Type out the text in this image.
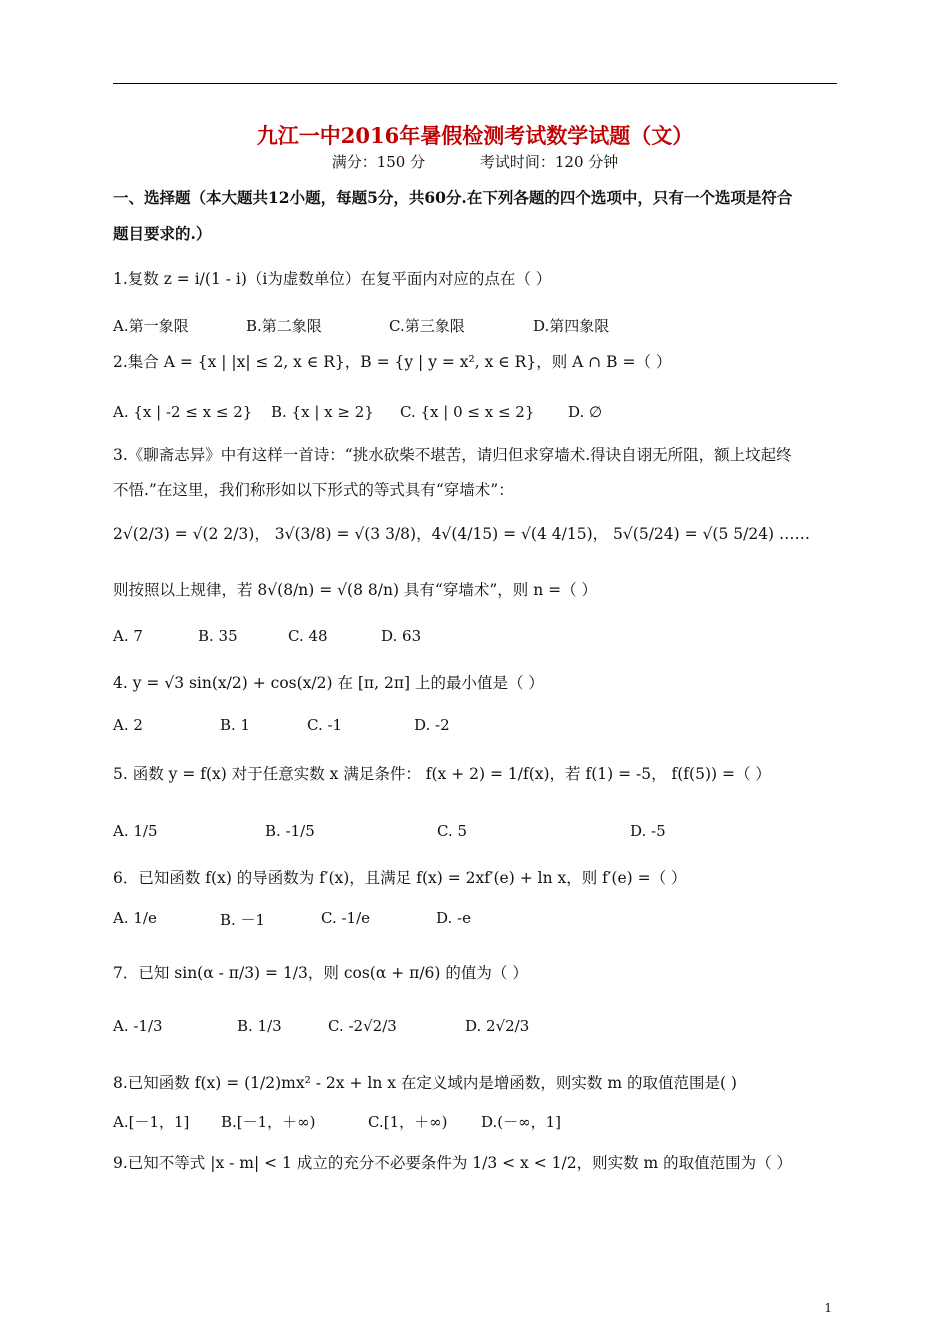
九江一中2016年暑假检测考试数学试题（文）
满分：150 分	考试时间：120 分钟
一、选择题（本大题共12小题，每题5分，共60分.在下列各题的四个选项中，只有一个选项是符合
题目要求的.）
1.复数 z = i/(1 - i)（i为虚数单位）在复平面内对应的点在（ ）
A.第一象限	B.第二象限	C.第三象限	D.第四象限
2.集合 A = {x | |x| ≤ 2, x ∈ R}，B = {y | y = x², x ∈ R}，则 A ∩ B =（ ）
A. {x | -2 ≤ x ≤ 2} B. {x | x ≥ 2} C. {x | 0 ≤ x ≤ 2} D. ∅
3.《聊斋志异》中有这样一首诗：“挑水砍柴不堪苦，请归但求穿墙术.得诀自诩无所阻，额上坟起终
不悟.”在这里，我们称形如以下形式的等式具有“穿墙术”：
2√(2/3) = √(2 2/3)， 3√(3/8) = √(3 3/8)，4√(4/15) = √(4 4/15)， 5√(5/24) = √(5 5/24) ……
则按照以上规律，若 8√(8/n) = √(8 8/n) 具有“穿墙术”，则 n =（ ）
A. 7	B. 35	C. 48	D. 63
4. y = √3 sin(x/2) + cos(x/2) 在 [π, 2π] 上的最小值是（ ）
A. 2	B. 1	C. -1	D. -2
5. 函数 y = f(x) 对于任意实数 x 满足条件： f(x + 2) = 1/f(x)，若 f(1) = -5， f(f(5)) =（ ）
A. 1/5	B. -1/5	C. 5	D. -5
6．已知函数 f(x) 的导函数为 f′(x)，且满足 f(x) = 2xf′(e) + ln x，则 f′(e) =（ ）
A. 1/e	B. －1	C. -1/e	D. -e
7．已知 sin(α - π/3) = 1/3，则 cos(α + π/6) 的值为（ ）
A. -1/3	B. 1/3	C. -2√2/3	D. 2√2/3
8.已知函数 f(x) = (1/2)mx² - 2x + ln x 在定义域内是增函数，则实数 m 的取值范围是( )
A.[－1，1] B.[－1，＋∞)	C.[1，＋∞) D.(－∞，1]
9.已知不等式 |x - m| < 1 成立的充分不必要条件为 1/3 < x < 1/2，则实数 m 的取值范围为（ ）
1
